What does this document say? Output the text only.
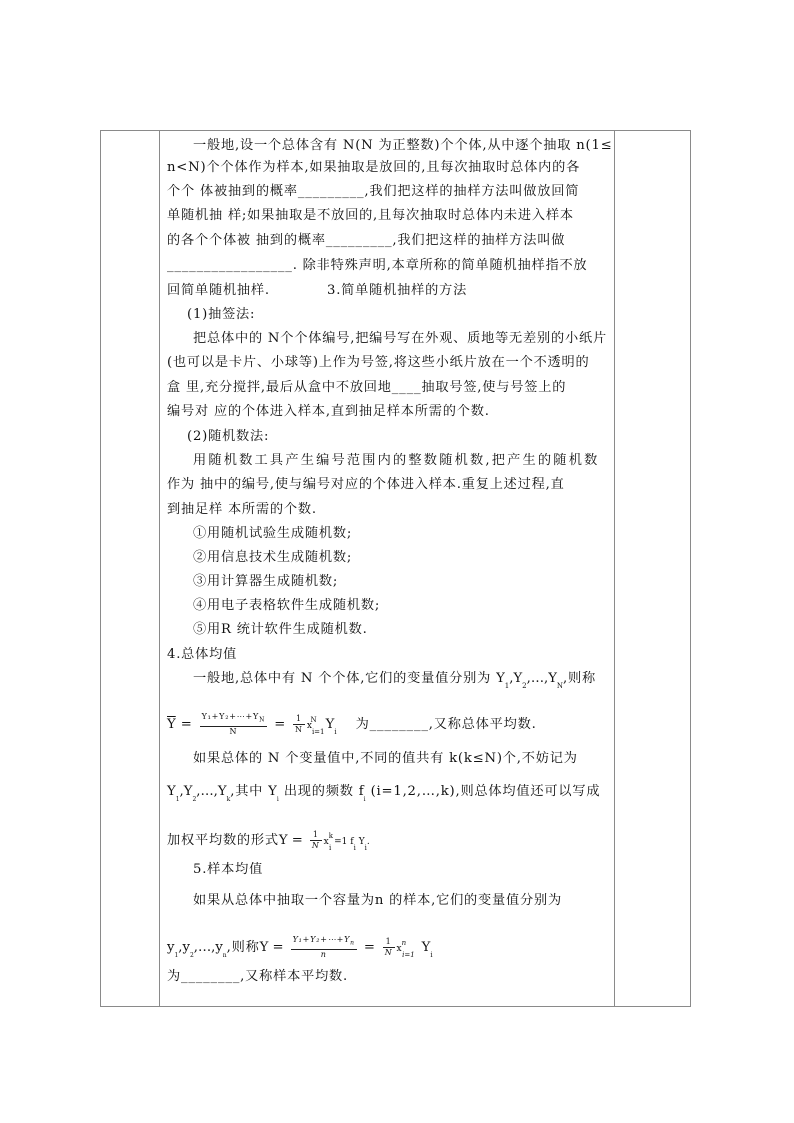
一般地,设一个总体含有 N(N 为正整数)个个体,从中逐个抽取 n(1≤
n<N)个个体作为样本,如果抽取是放回的,且每次抽取时总体内的各
个个 体被抽到的概率_________,我们把这样的抽样方法叫做放回简
单随机抽 样;如果抽取是不放回的,且每次抽取时总体内未进入样本
的各个个体被 抽到的概率_________,我们把这样的抽样方法叫做
_________________. 除非特殊声明,本章所称的简单随机抽样指不放
回简单随机抽样.	3.简单随机抽样的方法
(1)抽签法:
把总体中的 N个个体编号,把编号写在外观、质地等无差别的小纸片
(也可以是卡片、小球等)上作为号签,将这些小纸片放在一个不透明的
盒 里,充分搅拌,最后从盒中不放回地____抽取号签,使与号签上的
编号对 应的个体进入样本,直到抽足样本所需的个数.
(2)随机数法:
用随机数工具产生编号范围内的整数随机数,把产生的随机数
作为 抽中的编号,使与编号对应的个体进入样本.重复上述过程,直
到抽足样 本所需的个数.
①用随机试验生成随机数;
②用信息技术生成随机数;
③用计算器生成随机数;
④用电子表格软件生成随机数;
⑤用R 统计软件生成随机数.
4.总体均值
一般地,总体中有 N 个个体,它们的变量值分别为 $Y_1,Y_2,\dots,Y_N$,则称
$\overline{Y} = \frac{Y_1+Y_2+\cdots+Y_N}{N} = \frac{1}{N} x_{i=1}^N$ $Y_i$ 为________,又称总体平均数.
如果总体的 N 个变量值中,不同的值共有 k(k≤N)个,不妨记为
$Y_1,Y_2,\dots,Y_k$,其中 $Y_i$ 出现的频数 $f_i$ (i=1,2,…,k),则总体均值还可以写成
加权平均数的形式$Y = \frac{1}{N} x^k_i =1$ $f_i$ $Y_i$.
5.样本均值
如果从总体中抽取一个容量为n 的样本,它们的变量值分别为
$y_1,y_2,\dots,y_n$,则称$Y = \frac{Y_1+Y_2+\cdots+Y_n}{n} = \frac{1}{N} x^n_{i=1}$ $Y_i$
为________,又称样本平均数.
